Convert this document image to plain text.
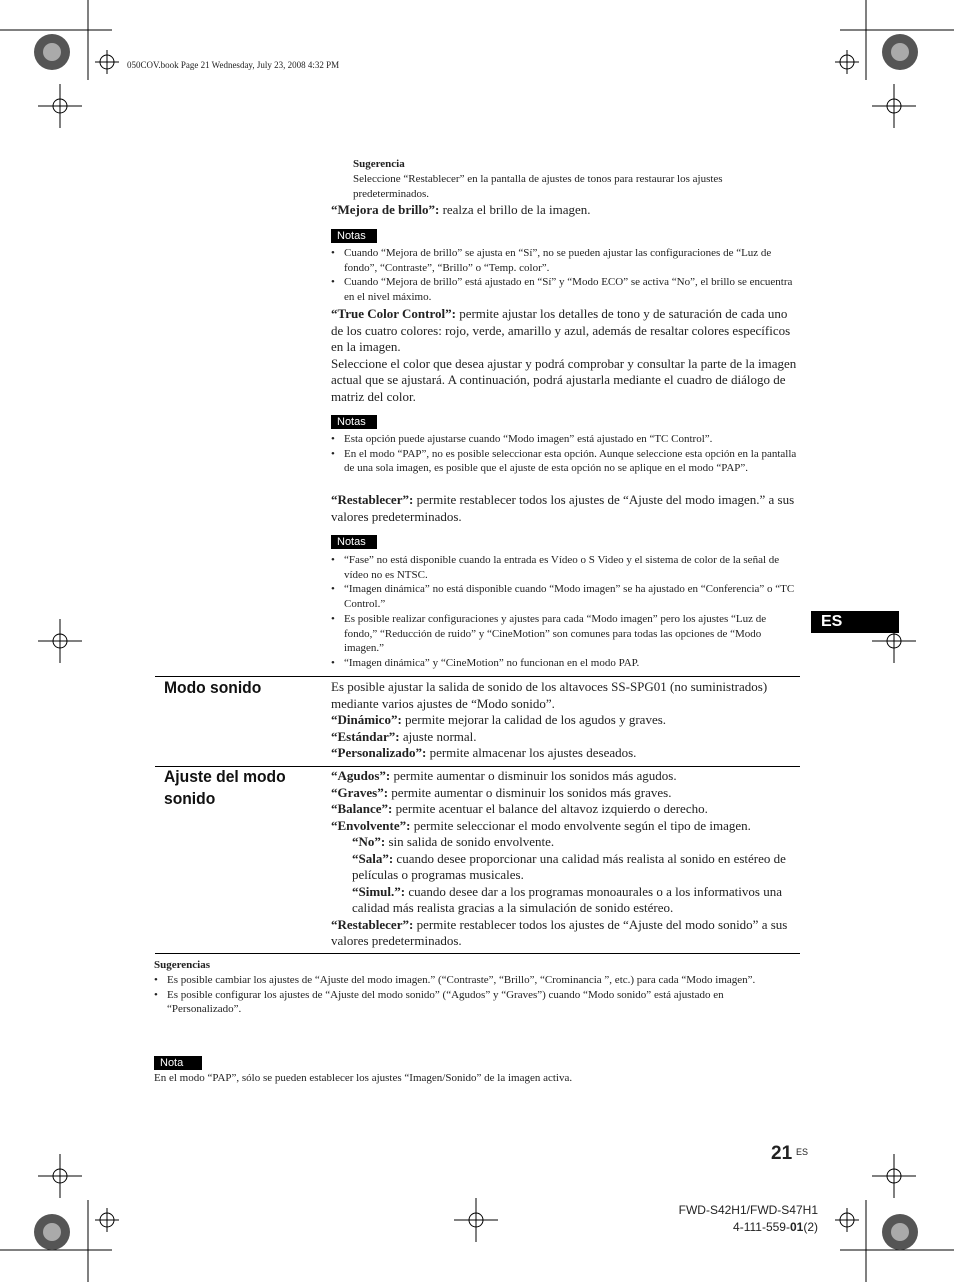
050COV.book Page 21 Wednesday, July 23, 2008 4:32 PM
Sugerencia
Seleccione “Restablecer” en la pantalla de ajustes de tonos para restaurar los ajustes predeterminados.
“Mejora de brillo”: realza el brillo de la imagen.
Notas
• Cuando “Mejora de brillo” se ajusta en “Sí”, no se pueden ajustar las configuraciones de “Luz de fondo”, “Contraste”, “Brillo” o “Temp. color”.
• Cuando “Mejora de brillo” está ajustado en “Sí” y “Modo ECO” se activa “No”, el brillo se encuentra en el nivel máximo.
“True Color Control”: permite ajustar los detalles de tono y de saturación de cada uno de los cuatro colores: rojo, verde, amarillo y azul, además de resaltar colores específicos en la imagen.
Seleccione el color que desea ajustar y podrá comprobar y consultar la parte de la imagen actual que se ajustará. A continuación, podrá ajustarla mediante el cuadro de diálogo de matriz del color.
Notas
• Esta opción puede ajustarse cuando “Modo imagen” está ajustado en “TC Control”.
• En el modo “PAP”, no es posible seleccionar esta opción. Aunque seleccione esta opción en la pantalla de una sola imagen, es posible que el ajuste de esta opción no se aplique en el modo “PAP”.
“Restablecer”: permite restablecer todos los ajustes de “Ajuste del modo imagen.” a sus valores predeterminados.
Notas
• “Fase” no está disponible cuando la entrada es Vídeo o S Video y el sistema de color de la señal de vídeo no es NTSC.
• “Imagen dinámica” no está disponible cuando “Modo imagen” se ha ajustado en “Conferencia” o “TC Control.”
• Es posible realizar configuraciones y ajustes para cada “Modo imagen” pero los ajustes “Luz de fondo,” “Reducción de ruido” y “CineMotion” son comunes para todas las opciones de “Modo imagen.”
• “Imagen dinámica” y “CineMotion” no funcionan en el modo PAP.
ES
Modo sonido	Es posible ajustar la salida de sonido de los altavoces SS-SPG01 (no suministrados) mediante varios ajustes de “Modo sonido”.
“Dinámico”: permite mejorar la calidad de los agudos y graves.
“Estándar”: ajuste normal.
“Personalizado”: permite almacenar los ajustes deseados.
Ajuste del modo
sonido
“Agudos”: permite aumentar o disminuir los sonidos más agudos.
“Graves”: permite aumentar o disminuir los sonidos más graves.
“Balance”: permite acentuar el balance del altavoz izquierdo o derecho.
“Envolvente”: permite seleccionar el modo envolvente según el tipo de imagen.
“No”: sin salida de sonido envolvente.
“Sala”: cuando desee proporcionar una calidad más realista al sonido en estéreo de películas o programas musicales.
“Simul.”: cuando desee dar a los programas monoaurales o a los informativos una calidad más realista gracias a la simulación de sonido estéreo.
“Restablecer”: permite restablecer todos los ajustes de “Ajuste del modo sonido” a sus valores predeterminados.
Sugerencias
• Es posible cambiar los ajustes de “Ajuste del modo imagen.” (“Contraste”, “Brillo”, “Crominancia ”, etc.) para cada “Modo imagen”.
• Es posible configurar los ajustes de “Ajuste del modo sonido” (“Agudos” y “Graves”) cuando “Modo sonido” está ajustado en “Personalizado”.
Nota
En el modo “PAP”, sólo se pueden establecer los ajustes “Imagen/Sonido” de la imagen activa.
21 ES
FWD-S42H1/FWD-S47H1
4-111-559-01(2)
